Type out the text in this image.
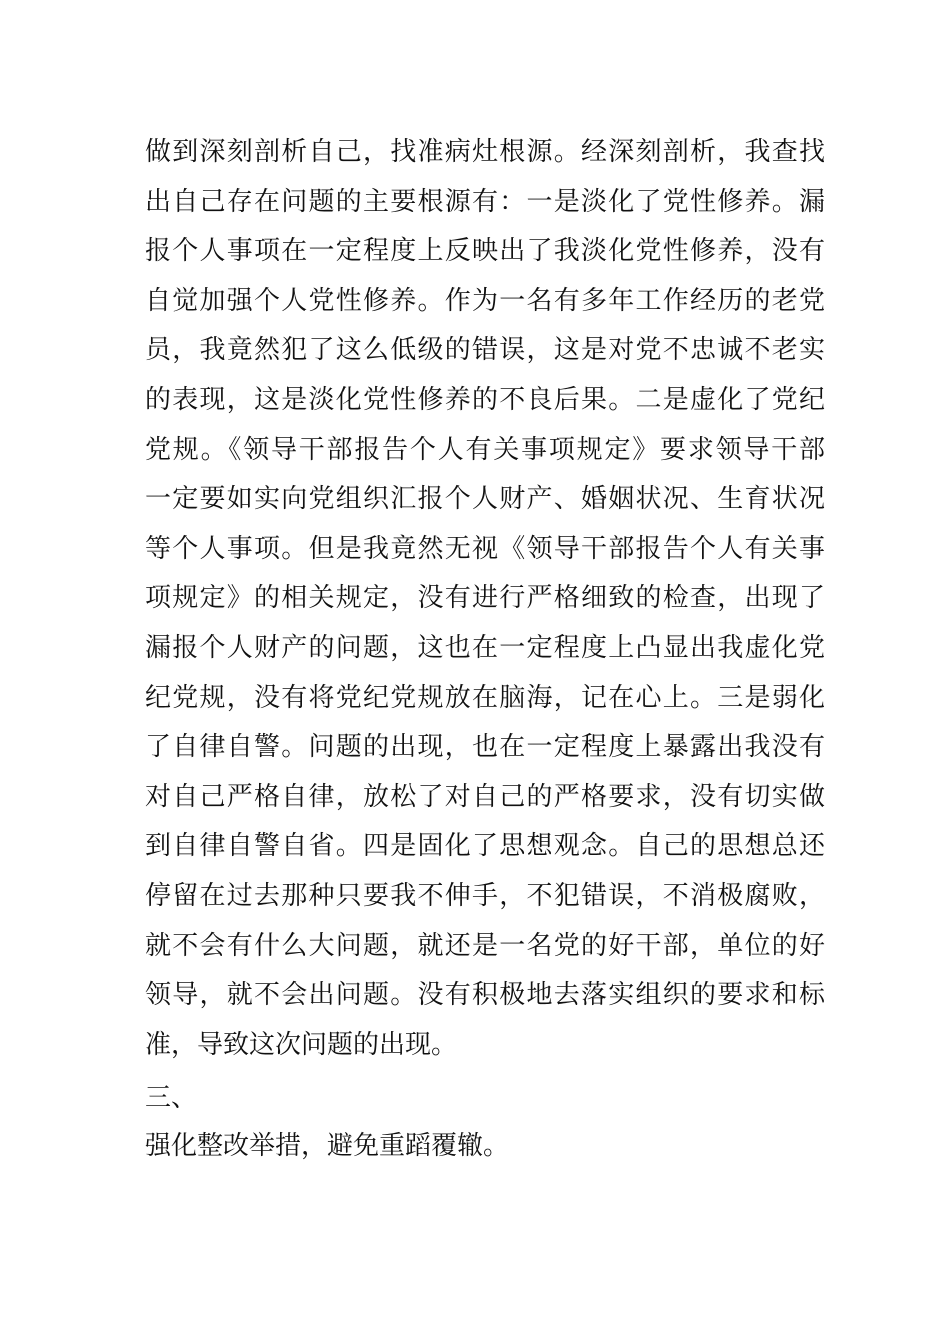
做到深刻剖析自己，找准病灶根源。经深刻剖析，我查找
出自己存在问题的主要根源有：一是淡化了党性修养。漏
报个人事项在一定程度上反映出了我淡化党性修养，没有
自觉加强个人党性修养。作为一名有多年工作经历的老党
员，我竟然犯了这么低级的错误，这是对党不忠诚不老实
的表现，这是淡化党性修养的不良后果。二是虚化了党纪
党规。《领导干部报告个人有关事项规定》要求领导干部
一定要如实向党组织汇报个人财产、婚姻状况、生育状况
等个人事项。但是我竟然无视《领导干部报告个人有关事
项规定》的相关规定，没有进行严格细致的检查，出现了
漏报个人财产的问题，这也在一定程度上凸显出我虚化党
纪党规，没有将党纪党规放在脑海，记在心上。三是弱化
了自律自警。问题的出现，也在一定程度上暴露出我没有
对自己严格自律，放松了对自己的严格要求，没有切实做
到自律自警自省。四是固化了思想观念。自己的思想总还
停留在过去那种只要我不伸手，不犯错误，不消极腐败，
就不会有什么大问题，就还是一名党的好干部，单位的好
领导，就不会出问题。没有积极地去落实组织的要求和标
准，导致这次问题的出现。
三、
强化整改举措，避免重蹈覆辙。
